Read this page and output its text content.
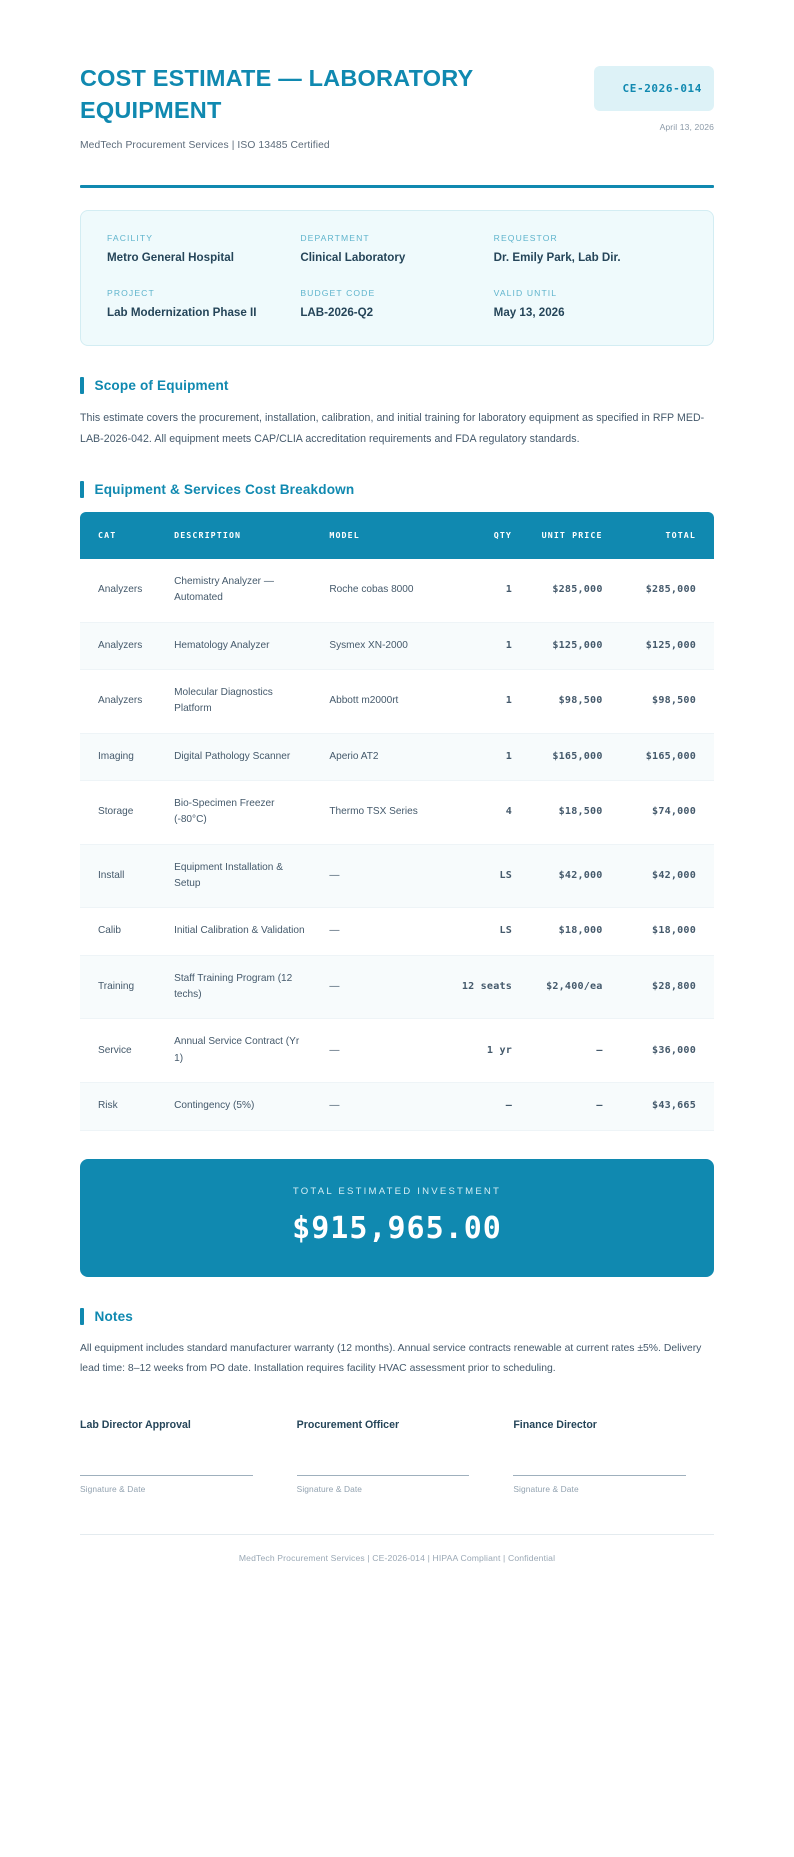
COST ESTIMATE — LABORATORY EQUIPMENT
MedTech Procurement Services | ISO 13485 Certified
CE-2026-014
April 13, 2026
FACILITY
Metro General Hospital
DEPARTMENT
Clinical Laboratory
REQUESTOR
Dr. Emily Park, Lab Dir.
PROJECT
Lab Modernization Phase II
BUDGET CODE
LAB-2026-Q2
VALID UNTIL
May 13, 2026
Scope of Equipment

This estimate covers the procurement, installation, calibration, and initial training for laboratory equipment as specified in RFP MED-LAB-2026-042. All equipment meets CAP/CLIA accreditation requirements and FDA regulatory standards.

Equipment & Services Cost Breakdown
CAT	DESCRIPTION	MODEL	QTY	UNIT PRICE	TOTAL
Analyzers	Chemistry Analyzer — Automated	Roche cobas 8000	1	$285,000	$285,000
Analyzers	Hematology Analyzer	Sysmex XN-2000	1	$125,000	$125,000
Analyzers	Molecular Diagnostics Platform	Abbott m2000rt	1	$98,500	$98,500
Imaging	Digital Pathology Scanner	Aperio AT2	1	$165,000	$165,000
Storage	Bio-Specimen Freezer (-80°C)	Thermo TSX Series	4	$18,500	$74,000
Install	Equipment Installation & Setup	—	LS	$42,000	$42,000
Calib	Initial Calibration & Validation	—	LS	$18,000	$18,000
Training	Staff Training Program (12 techs)	—	12 seats	$2,400/ea	$28,800
Service	Annual Service Contract (Yr 1)	—	1 yr	–	$36,000
Risk	Contingency (5%)	—	–	–	$43,665
TOTAL ESTIMATED INVESTMENT
$915,965.00
Notes

All equipment includes standard manufacturer warranty (12 months). Annual service contracts renewable at current rates ±5%. Delivery lead time: 8–12 weeks from PO date. Installation requires facility HVAC assessment prior to scheduling.

Lab Director Approval
Signature & Date
Procurement Officer
Signature & Date
Finance Director
Signature & Date
MedTech Procurement Services | CE-2026-014 | HIPAA Compliant | Confidential
